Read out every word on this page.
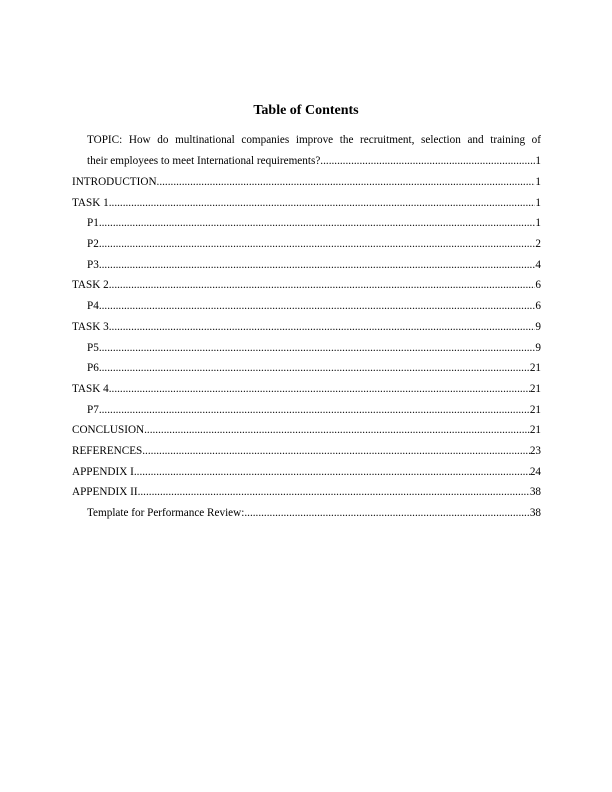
Table of Contents
TOPIC: How do multinational companies improve the recruitment, selection and training of
their employees to meet International requirements? .....	1
INTRODUCTION .....	1
TASK 1 .....	1
P1 .....	1
P2 .....	2
P3 .....	4
TASK 2 .....	6
P4 .....	6
TASK 3 .....	9
P5 .....	9
P6 .....	21
TASK 4 .....	21
P7 .....	21
CONCLUSION .....	21
REFERENCES .....	23
APPENDIX I .....	24
APPENDIX II .....	38
Template for Performance Review: .....	38
